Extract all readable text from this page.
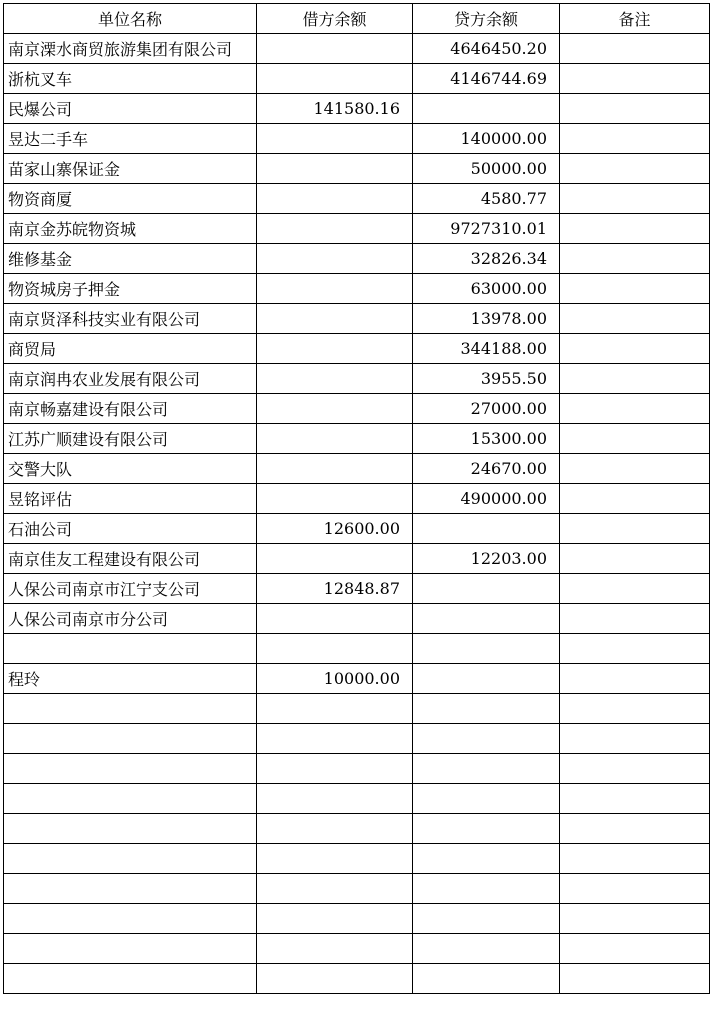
单位名称	借方余额	贷方余额	备注
南京溧水商贸旅游集团有限公司		4646450.20	
浙杭叉车		4146744.69	
民爆公司	141580.16		
昱达二手车		140000.00	
苗家山寨保证金		50000.00	
物资商厦		4580.77	
南京金苏皖物资城		9727310.01	
维修基金		32826.34	
物资城房子押金		63000.00	
南京贤泽科技实业有限公司		13978.00	
商贸局		344188.00	
南京润冉农业发展有限公司		3955.50	
南京畅嘉建设有限公司		27000.00	
江苏广顺建设有限公司		15300.00	
交警大队		24670.00	
昱铭评估		490000.00	
石油公司	12600.00		
南京佳友工程建设有限公司		12203.00	
人保公司南京市江宁支公司	12848.87		
人保公司南京市分公司			

程玲	10000.00		
